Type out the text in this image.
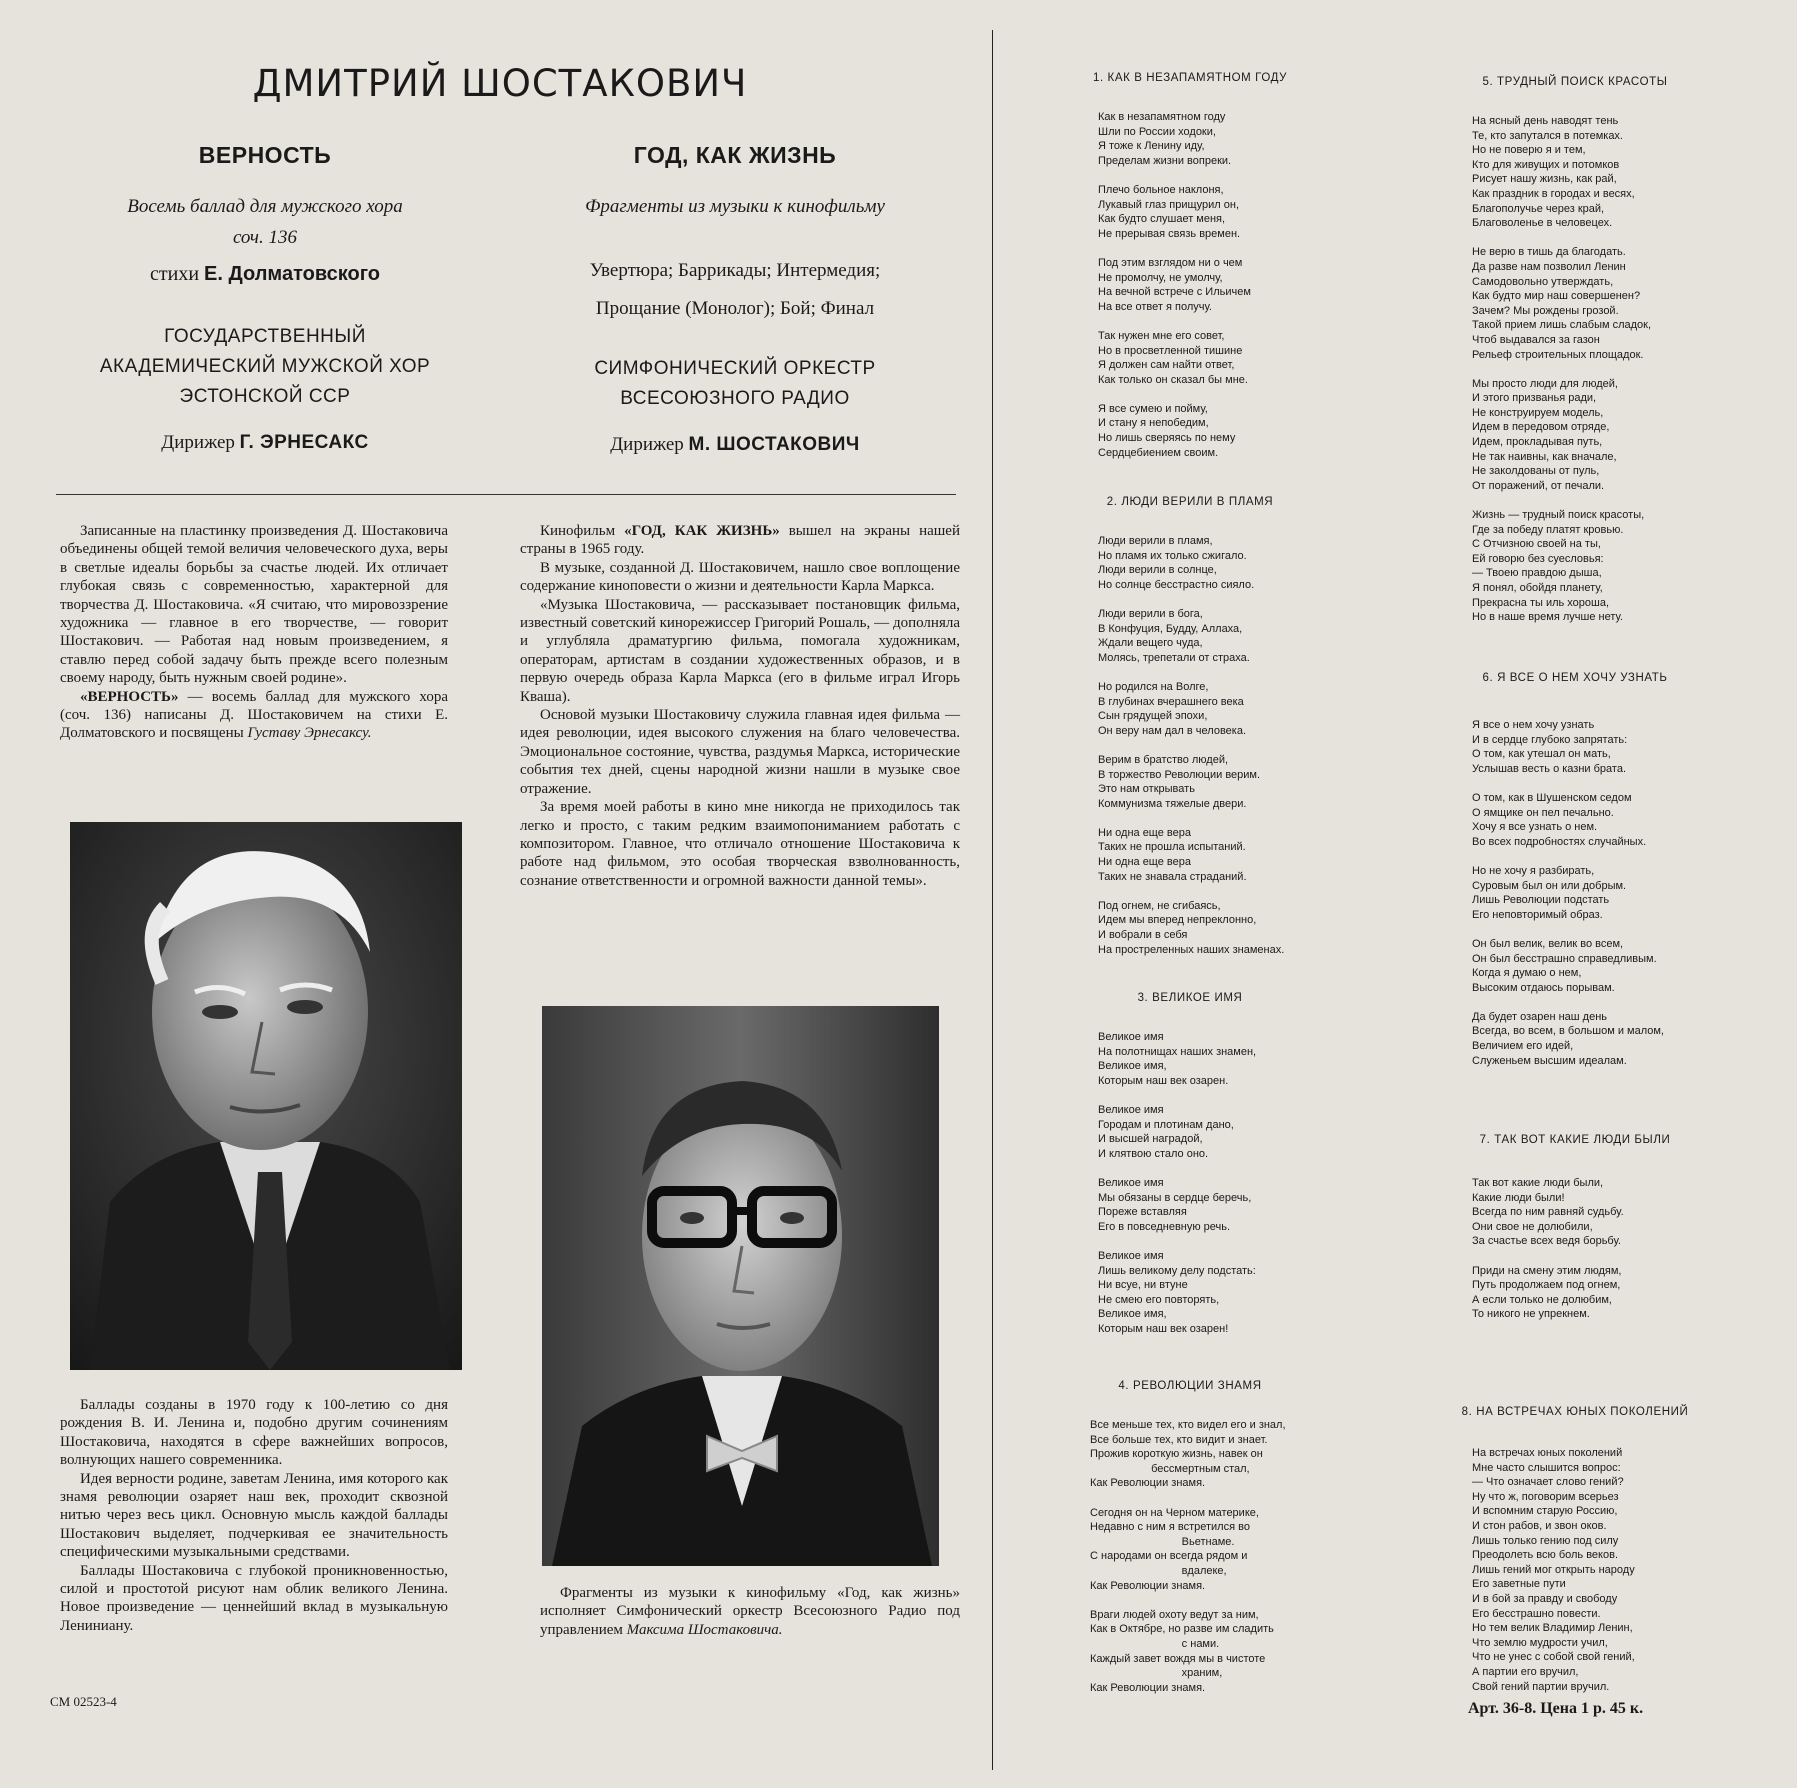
ДМИТРИЙ ШОСТАКОВИЧ
ВЕРНОСТЬ
Восемь баллад для мужского хора
соч. 136
стихи Е. Долматовского
ГОСУДАРСТВЕННЫЙ
АКАДЕМИЧЕСКИЙ МУЖСКОЙ ХОР
ЭСТОНСКОЙ ССР
Дирижер Г. ЭРНЕСАКС
ГОД, КАК ЖИЗНЬ
Фрагменты из музыки к кинофильму
Увертюра; Баррикады; Интермедия;
Прощание (Монолог); Бой; Финал
СИМФОНИЧЕСКИЙ ОРКЕСТР
ВСЕСОЮЗНОГО РАДИО
Дирижер М. ШОСТАКОВИЧ

Записанные на пластинку произведения Д. Шостаковича объединены общей темой величия человеческого духа, веры в светлые идеалы борьбы за счастье людей. Их отличает глубокая связь с современностью, характерной для творчества Д. Шостаковича. «Я считаю, что мировоззрение художника — главное в его творчестве, — говорит Шостакович. — Работая над новым произведением, я ставлю перед собой задачу быть прежде всего полезным своему народу, быть нужным своей родине».

«ВЕРНОСТЬ» — восемь баллад для мужского хора (соч. 136) написаны Д. Шостаковичем на стихи Е. Долматовского и посвящены Густаву Эрнесаксу.

Баллады созданы в 1970 году к 100-летию со дня рождения В. И. Ленина и, подобно другим сочинениям Шостаковича, находятся в сфере важнейших вопросов, волнующих нашего современника.

Идея верности родине, заветам Ленина, имя которого как знамя революции озаряет наш век, проходит сквозной нитью через весь цикл. Основную мысль каждой баллады Шостакович выделяет, подчеркивая ее значительность специфическими музыкальными средствами.

Баллады Шостаковича с глубокой проникновенностью, силой и простотой рисуют нам облик великого Ленина. Новое произведение — ценнейший вклад в музыкальную Лениниану.

Кинофильм «ГОД, КАК ЖИЗНЬ» вышел на экраны нашей страны в 1965 году.

В музыке, созданной Д. Шостаковичем, нашло свое воплощение содержание киноповести о жизни и деятельности Карла Маркса.

«Музыка Шостаковича, — рассказывает постановщик фильма, известный советский кинорежиссер Григорий Рошаль, — дополняла и углубляла драматургию фильма, помогала художникам, операторам, артистам в создании художественных образов, и в первую очередь образа Карла Маркса (его в фильме играл Игорь Кваша).

Основой музыки Шостаковичу служила главная идея фильма — идея революции, идея высокого служения на благо человечества. Эмоциональное состояние, чувства, раздумья Маркса, исторические события тех дней, сцены народной жизни нашли в музыке свое отражение.

За время моей работы в кино мне никогда не приходилось так легко и просто, с таким редким взаимопониманием работать с композитором. Главное, что отличало отношение Шостаковича к работе над фильмом, это особая творческая взволнованность, сознание ответственности и огромной важности данной темы».

Фрагменты из музыки к кинофильму «Год, как жизнь» исполняет Симфонический оркестр Всесоюзного Радио под управлением Максима Шостаковича.

1. КАК В НЕЗАПАМЯТНОМ ГОДУ
Как в незапамятном году
Шли по России ходоки,
Я тоже к Ленину иду,
Пределам жизни вопреки.

Плечо больное наклоня,
Лукавый глаз прищурил он,
Как будто слушает меня,
Не прерывая связь времен.

Под этим взглядом ни о чем
Не промолчу, не умолчу,
На вечной встрече с Ильичем
На все ответ я получу.

Так нужен мне его совет,
Но в просветленной тишине
Я должен сам найти ответ,
Как только он сказал бы мне.

Я все сумею и пойму,
И стану я непобедим,
Но лишь сверяясь по нему
Сердцебиением своим.
2. ЛЮДИ ВЕРИЛИ В ПЛАМЯ
Люди верили в пламя,
Но пламя их только сжигало.
Люди верили в солнце,
Но солнце бесстрастно сияло.

Люди верили в бога,
В Конфуция, Будду, Аллаха,
Ждали вещего чуда,
Молясь, трепетали от страха.

Но родился на Волге,
В глубинах вчерашнего века
Сын грядущей эпохи,
Он веру нам дал в человека.

Верим в братство людей,
В торжество Революции верим.
Это нам открывать
Коммунизма тяжелые двери.

Ни одна еще вера
Таких не прошла испытаний.
Ни одна еще вера
Таких не знавала страданий.

Под огнем, не сгибаясь,
Идем мы вперед непреклонно,
И вобрали в себя
На простреленных наших знаменах.
3. ВЕЛИКОЕ ИМЯ
Великое имя
На полотнищах наших знамен,
Великое имя,
Которым наш век озарен.

Великое имя
Городам и плотинам дано,
И высшей наградой,
И клятвою стало оно.

Великое имя
Мы обязаны в сердце беречь,
Пореже вставляя
Его в повседневную речь.

Великое имя
Лишь великому делу подстать:
Ни всуе, ни втуне
Не смею его повторять,
Великое имя,
Которым наш век озарен!
4. РЕВОЛЮЦИИ ЗНАМЯ
Все меньше тех, кто видел его и знал,
Все больше тех, кто видит и знает.
Прожив короткую жизнь, навек он
бессмертным стал,
Как Революции знамя.

Сегодня он на Черном материке,
Недавно с ним я встретился во
Вьетнаме.
С народами он всегда рядом и
вдалеке,
Как Революции знамя.

Враги людей охоту ведут за ним,
Как в Октябре, но разве им сладить
с нами.
Каждый завет вождя мы в чистоте
храним,
Как Революции знамя.
5. ТРУДНЫЙ ПОИСК КРАСОТЫ
На ясный день наводят тень
Те, кто запутался в потемках.
Но не поверю я и тем,
Кто для живущих и потомков
Рисует нашу жизнь, как рай,
Как праздник в городах и весях,
Благополучье через край,
Благоволенье в человецех.

Не верю в тишь да благодать.
Да разве нам позволил Ленин
Самодовольно утверждать,
Как будто мир наш совершенен?
Зачем? Мы рождены грозой.
Такой прием лишь слабым сладок,
Чтоб выдавался за газон
Рельеф строительных площадок.

Мы просто люди для людей,
И этого призванья ради,
Не конструируем модель,
Идем в передовом отряде,
Идем, прокладывая путь,
Не так наивны, как вначале,
Не заколдованы от пуль,
От поражений, от печали.

Жизнь — трудный поиск красоты,
Где за победу платят кровью.
С Отчизною своей на ты,
Ей говорю без суесловья:
— Твоею правдою дыша,
Я понял, обойдя планету,
Прекрасна ты иль хороша,
Но в наше время лучше нету.
6. Я ВСЕ О НЕМ ХОЧУ УЗНАТЬ
Я все о нем хочу узнать
И в сердце глубоко запрятать:
О том, как утешал он мать,
Услышав весть о казни брата.

О том, как в Шушенском седом
О ямщике он пел печально.
Хочу я все узнать о нем.
Во всех подробностях случайных.

Но не хочу я разбирать,
Суровым был он или добрым.
Лишь Революции подстать
Его неповторимый образ.

Он был велик, велик во всем,
Он был бесстрашно справедливым.
Когда я думаю о нем,
Высоким отдаюсь порывам.

Да будет озарен наш день
Всегда, во всем, в большом и малом,
Величием его идей,
Служеньем высшим идеалам.
7. ТАК ВОТ КАКИЕ ЛЮДИ БЫЛИ
Так вот какие люди были,
Какие люди были!
Всегда по ним равняй судьбу.
Они свое не долюбили,
За счастье всех ведя борьбу.

Приди на смену этим людям,
Путь продолжаем под огнем,
А если только не долюбим,
То никого не упрекнем.
8. НА ВСТРЕЧАХ ЮНЫХ ПОКОЛЕНИЙ
На встречах юных поколений
Мне часто слышится вопрос:
— Что означает слово гений?
Ну что ж, поговорим всерьез
И вспомним старую Россию,
И стон рабов, и звон оков.
Лишь только гению под силу
Преодолеть всю боль веков.
Лишь гений мог открыть народу
Его заветные пути
И в бой за правду и свободу
Его бесстрашно повести.
Но тем велик Владимир Ленин,
Что землю мудрости учил,
Что не унес с собой свой гений,
А партии его вручил,
Свой гений партии вручил.
СМ 02523-4	Арт. 36-8. Цена 1 р. 45 к.
